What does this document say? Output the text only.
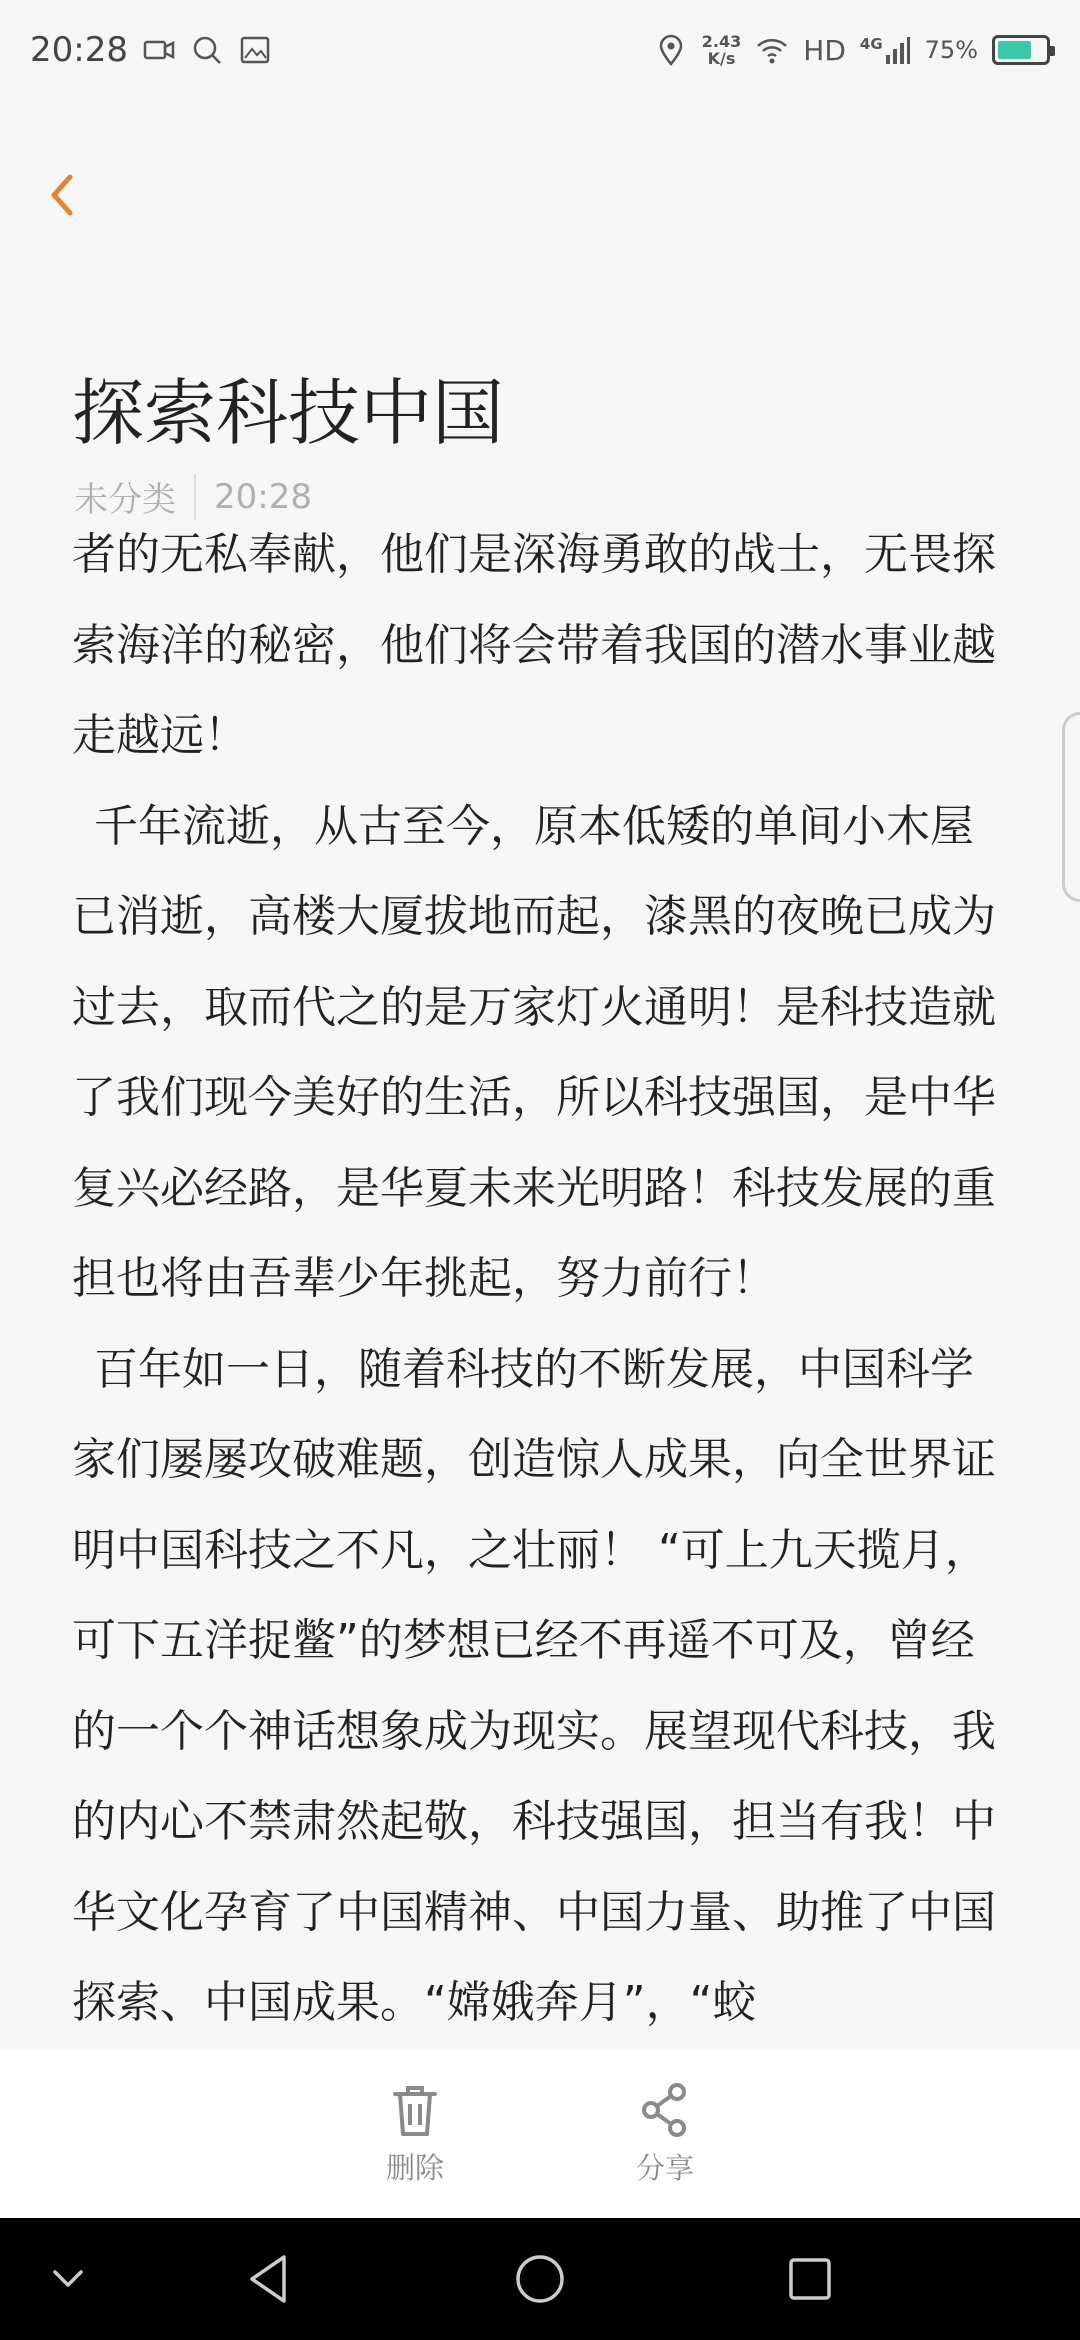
20:28	2.43
K/s HD 4G 75%
探索科技中国
未分类 20:28

者的无私奉献，他们是深海勇敢的战士，无畏探索海洋的秘密，他们将会带着我国的潜水事业越走越远！

千年流逝，从古至今，原本低矮的单间小木屋已消逝，高楼大厦拔地而起，漆黑的夜晚已成为过去，取而代之的是万家灯火通明！是科技造就了我们现今美好的生活，所以科技强国，是中华复兴必经路，是华夏未来光明路！科技发展的重担也将由吾辈少年挑起，努力前行！

百年如一日，随着科技的不断发展，中国科学家们屡屡攻破难题，创造惊人成果，向全世界证明中国科技之不凡，之壮丽！ “可上九天揽月，可下五洋捉鳖”的梦想已经不再遥不可及，曾经的一个个神话想象成为现实。展望现代科技，我的内心不禁肃然起敬，科技强国，担当有我！中华文化孕育了中国精神、中国力量、助推了中国探索、中国成果。“嫦娥奔月”，“蛟

删除	分享
